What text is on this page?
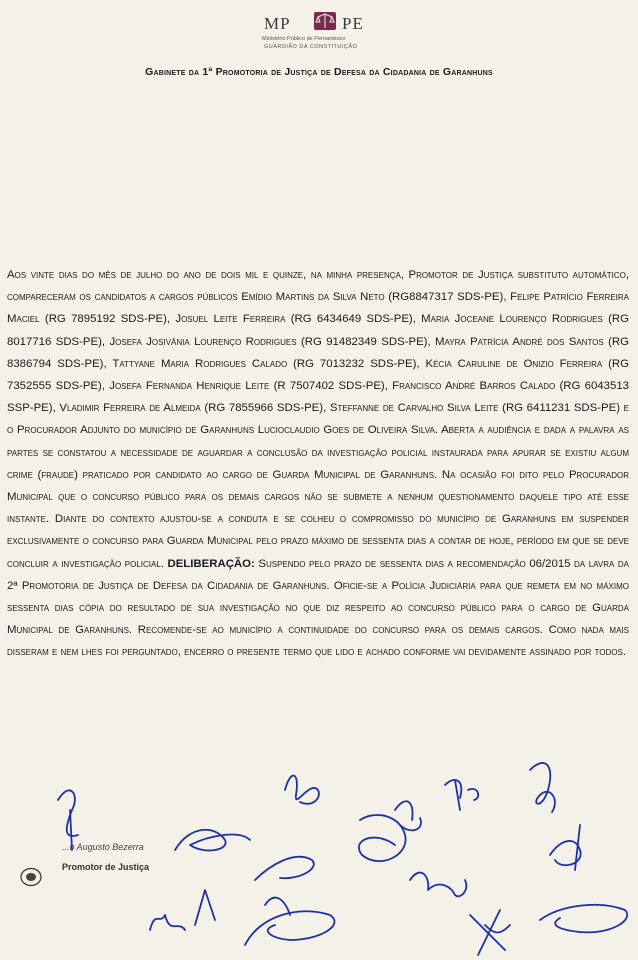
MP	PE
Ministério Público de Pernambuco
GUARDIÃO DA CONSTITUIÇÃO
Gabinete da 1ª Promotoria de Justiça de Defesa da Cidadania de Garanhuns
Aos vinte dias do mês de julho do ano de dois mil e quinze, na minha presença, Promotor de Justiça substituto automático, compareceram os candidatos a cargos públicos Emídio Martins da Silva Neto (RG8847317 SDS-PE), Felipe Patrício Ferreira Maciel (RG 7895192 SDS-PE), Josuel Leite Ferreira (RG 6434649 SDS-PE), Maria Joceane Lourenço Rodrigues (RG 8017716 SDS-PE), Josefa Josivânia Lourenço Rodrigues (RG 91482349 SDS-PE), Mayra Patrícia André dos Santos (RG 8386794 SDS-PE), Tattyane Maria Rodrigues Calado (RG 7013232 SDS-PE), Kécia Caruline de Onizio Ferreira (RG 7352555 SDS-PE), Josefa Fernanda Henrique Leite (R 7507402 SDS-PE), Francisco André Barros Calado (RG 6043513 SSP-PE), Vladimir Ferreira de Almeida (RG 7855966 SDS-PE), Steffanne de Carvalho Silva Leite (RG 6411231 SDS-PE) e o Procurador Adjunto do município de Garanhuns Lucioclaudio Goes de Oliveira Silva. Aberta a audiência e dada a palavra as partes se constatou a necessidade de aguardar a conclusão da investigação policial instaurada para apurar se existiu algum crime (fraude) praticado por candidato ao cargo de Guarda Municipal de Garanhuns. Na ocasião foi dito pelo Procurador Municipal que o concurso público para os demais cargos não se submete a nenhum questionamento daquele tipo até esse instante. Diante do contexto ajustou-se a conduta e se colheu o compromisso do município de Garanhuns em suspender exclusivamente o concurso para Guarda Municipal pelo prazo máximo de sessenta dias a contar de hoje, período em que se deve concluir a investigação policial. DELIBERAÇÃO: Suspendo pelo prazo de sessenta dias a recomendação 06/2015 da lavra da 2ª Promotoria de Justiça de Defesa da Cidadania de Garanhuns. Oficie-se a Polícia Judiciária para que remeta em no máximo sessenta dias cópia do resultado de sua investigação no que diz respeito ao concurso público para o cargo de Guarda Municipal de Garanhuns. Recomende-se ao município a continuidade do concurso para os demais cargos. Como nada mais disseram e nem lhes foi perguntado, encerro o presente termo que lido e achado conforme vai devidamente assinado por todos.
...o Augusto Bezerra
Promotor de Justiça
